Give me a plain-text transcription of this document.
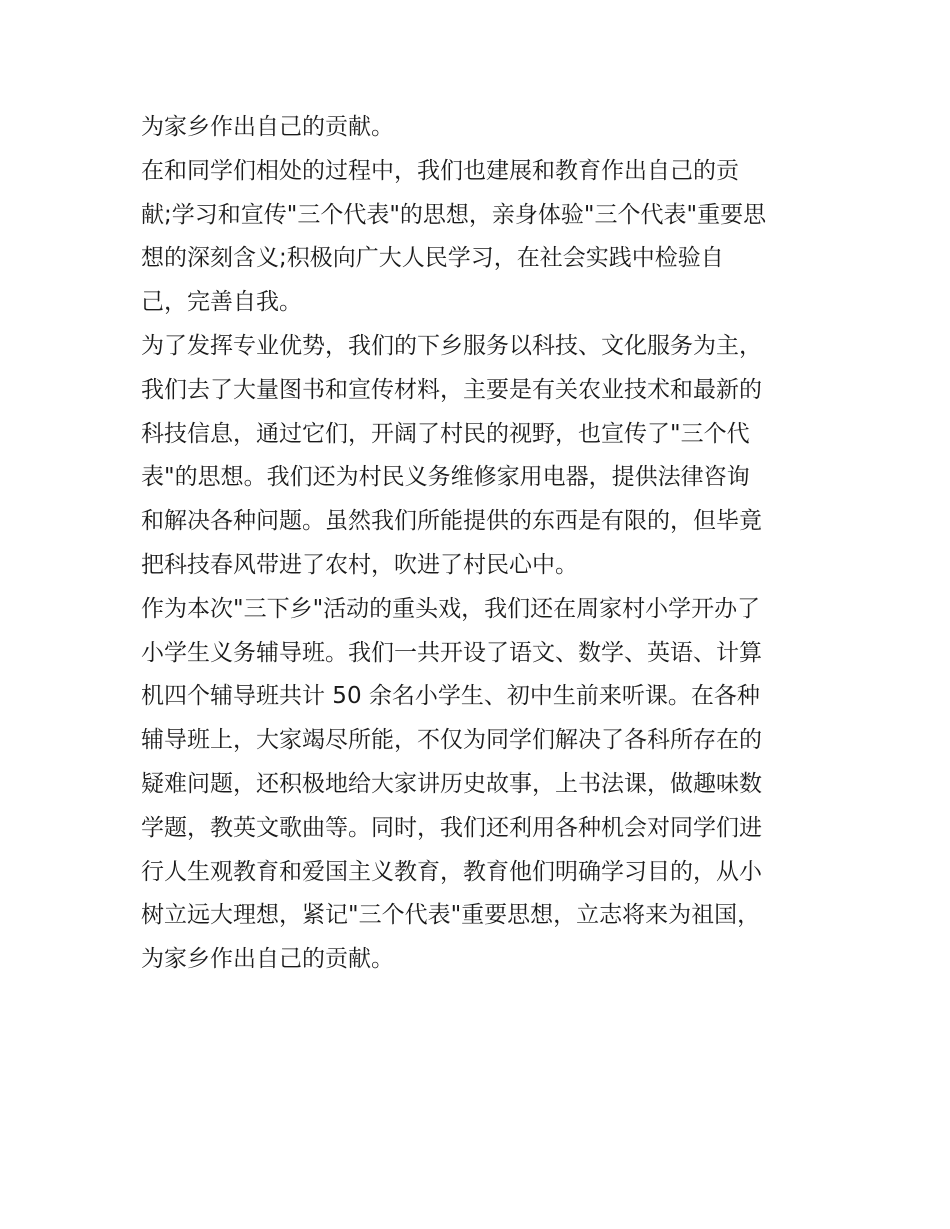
为家乡作出自己的贡献。
在和同学们相处的过程中，我们也建展和教育作出自己的贡
献;学习和宣传"三个代表"的思想，亲身体验"三个代表"重要思
想的深刻含义;积极向广大人民学习，在社会实践中检验自
己，完善自我。
为了发挥专业优势，我们的下乡服务以科技、文化服务为主，
我们去了大量图书和宣传材料，主要是有关农业技术和最新的
科技信息，通过它们，开阔了村民的视野，也宣传了"三个代
表"的思想。我们还为村民义务维修家用电器，提供法律咨询
和解决各种问题。虽然我们所能提供的东西是有限的，但毕竟
把科技春风带进了农村，吹进了村民心中。
作为本次"三下乡"活动的重头戏，我们还在周家村小学开办了
小学生义务辅导班。我们一共开设了语文、数学、英语、计算
机四个辅导班共计 50 余名小学生、初中生前来听课。在各种
辅导班上，大家竭尽所能，不仅为同学们解决了各科所存在的
疑难问题，还积极地给大家讲历史故事，上书法课，做趣味数
学题，教英文歌曲等。同时，我们还利用各种机会对同学们进
行人生观教育和爱国主义教育，教育他们明确学习目的，从小
树立远大理想，紧记"三个代表"重要思想，立志将来为祖国，
为家乡作出自己的贡献。
